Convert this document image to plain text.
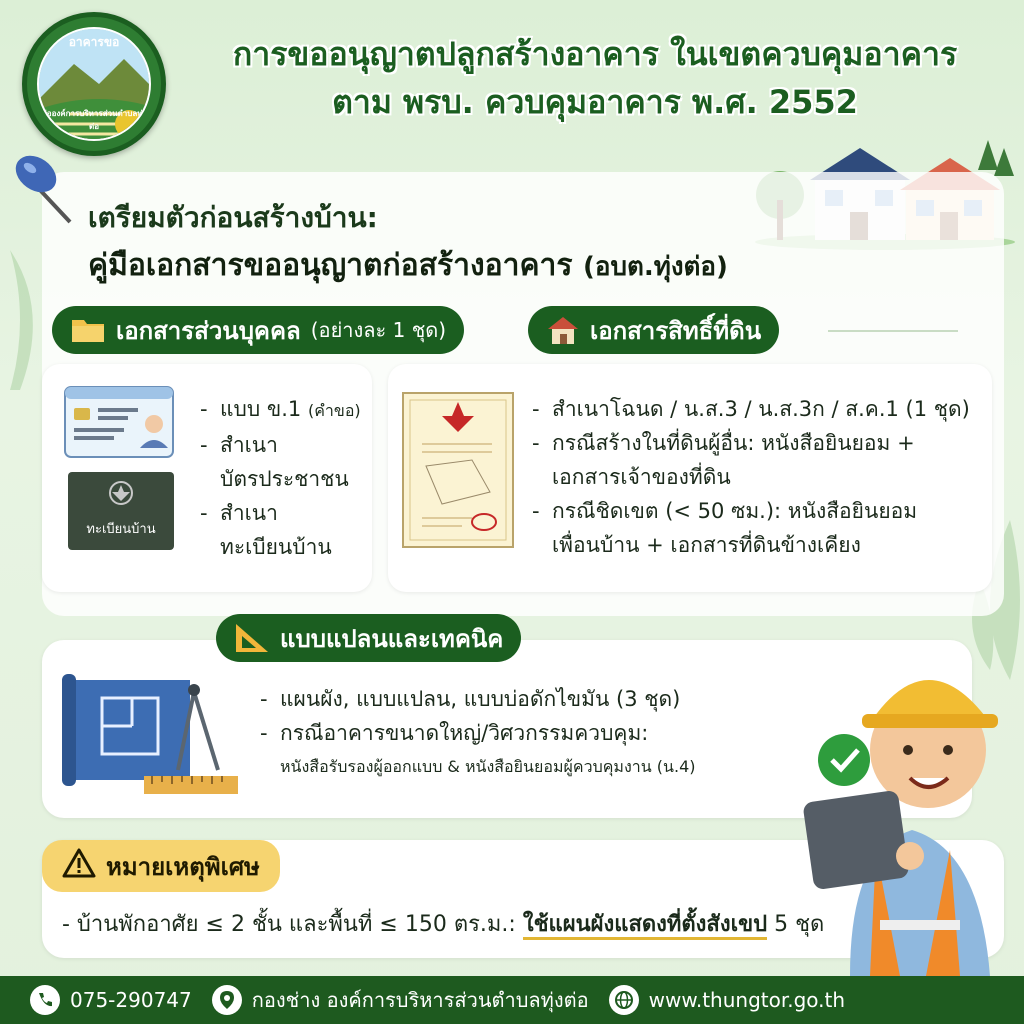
อาคารขอ
ต่อองค์การบริหารส่วนตำบลทุ่งต่อ
การขออนุญาตปลูกสร้างอาคาร ในเขตควบคุมอาคาร
ตาม พรบ. ควบคุมอาคาร พ.ศ. 2552
เตรียมตัวก่อนสร้างบ้าน:
คู่มือเอกสารขออนุญาตก่อสร้างอาคาร (อบต.ทุ่งต่อ)
เอกสารส่วนบุคคล (อย่างละ 1 ชุด)	เอกสารสิทธิ์ที่ดิน
ทะเบียนบ้าน
- แบบ ข.1 (คำขอ)
- สำเนา
บัตรประชาชน
- สำเนา
ทะเบียนบ้าน
- สำเนาโฉนด / น.ส.3 / น.ส.3ก / ส.ค.1 (1 ชุด)
- กรณีสร้างในที่ดินผู้อื่น: หนังสือยินยอม +
เอกสารเจ้าของที่ดิน
- กรณีชิดเขต (< 50 ซม.): หนังสือยินยอม
เพื่อนบ้าน + เอกสารที่ดินข้างเคียง
- แผนผัง, แบบแปลน, แบบบ่อดักไขมัน (3 ชุด)
- กรณีอาคารขนาดใหญ่/วิศวกรรมควบคุม:
หนังสือรับรองผู้ออกแบบ & หนังสือยินยอมผู้ควบคุมงาน (น.4)
แบบแปลนและเทคนิค
หมายเหตุพิเศษ
- บ้านพักอาศัย ≤ 2 ชั้น และพื้นที่ ≤ 150 ตร.ม.: ใช้แผนผังแสดงที่ตั้งสังเขป 5 ชุด
075-290747	กองช่าง องค์การบริหารส่วนตำบลทุ่งต่อ	www.thungtor.go.th
